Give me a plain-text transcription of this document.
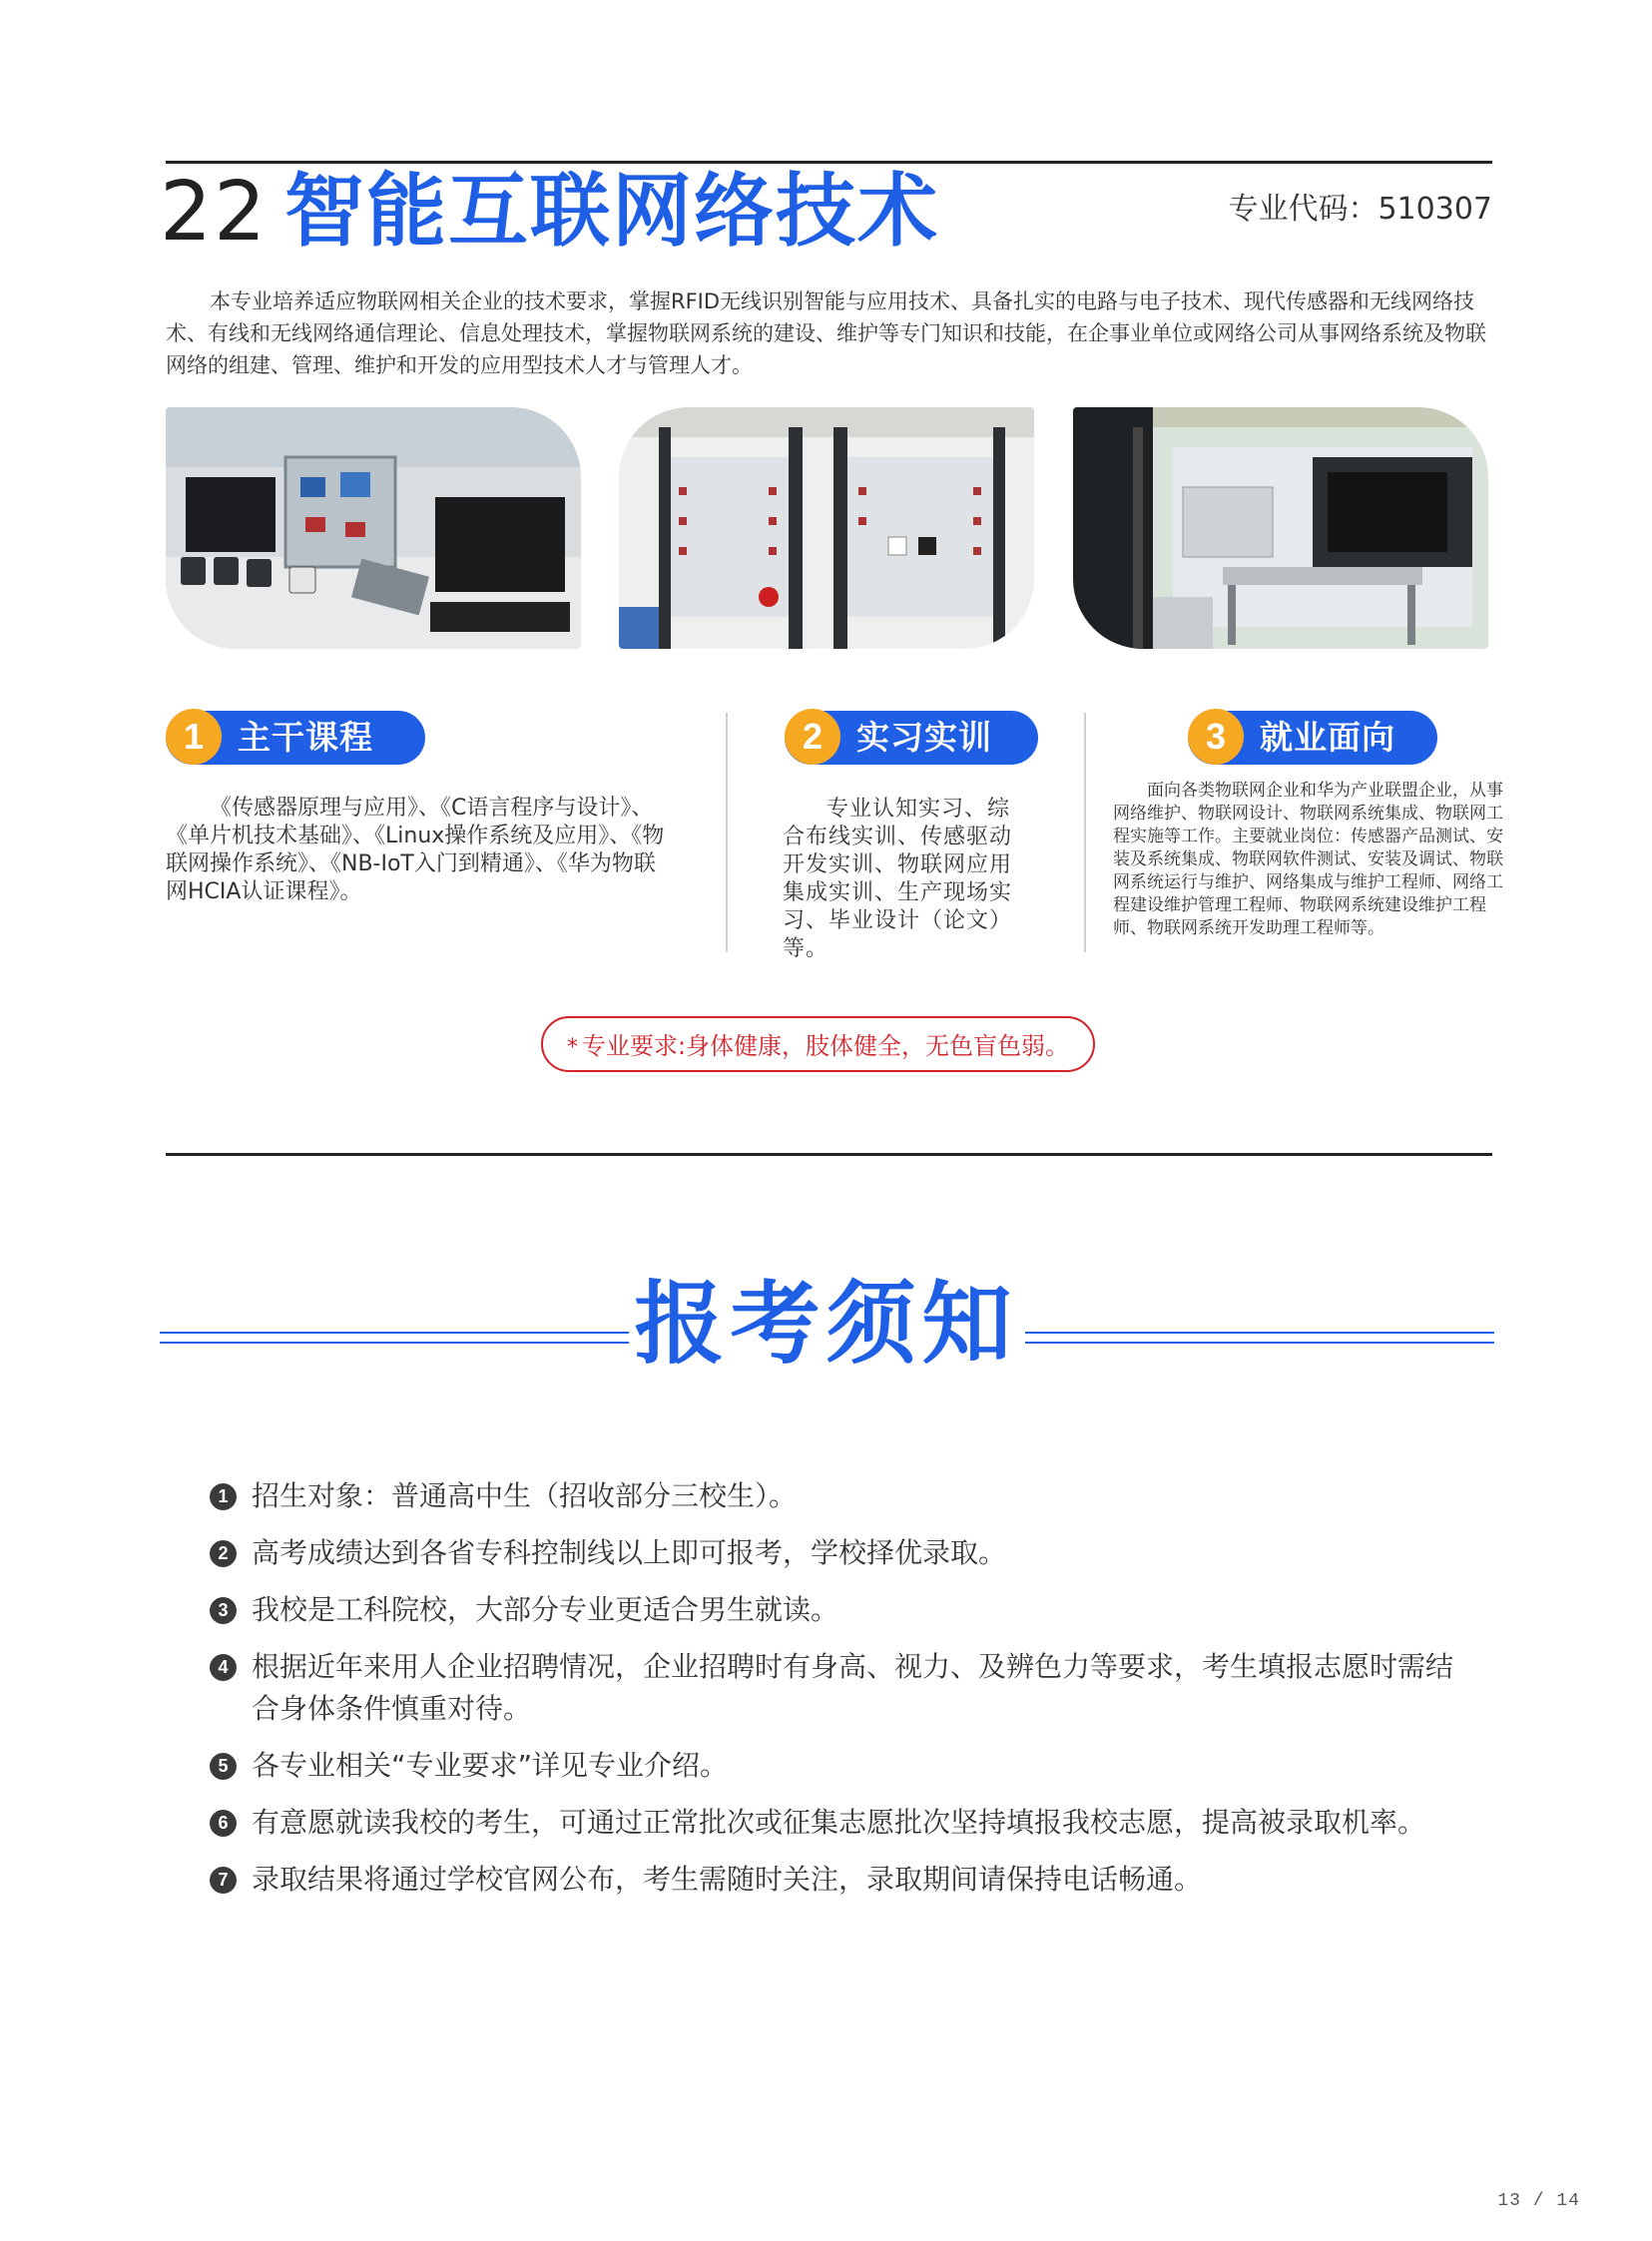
22 智能互联网络技术	专业代码：510307
本专业培养适应物联网相关企业的技术要求，掌握RFID无线识别智能与应用技术、具备扎实的电路与电子技术、现代传感器和无线网络技术、有线和无线网络通信理论、信息处理技术，掌握物联网系统的建设、维护等专门知识和技能，在企事业单位或网络公司从事网络系统及物联网络的组建、管理、维护和开发的应用型技术人才与管理人才。
1	主干课程	2	实习实训	3	就业面向
《传感器原理与应用》、《C语言程序与设计》、《单片机技术基础》、《Linux操作系统及应用》、《物联网操作系统》、《NB-IoT入门到精通》、《华为物联网HCIA认证课程》。
专业认知实习、综合布线实训、传感驱动开发实训、物联网应用集成实训、生产现场实习、毕业设计（论文）等。
面向各类物联网企业和华为产业联盟企业，从事网络维护、物联网设计、物联网系统集成、物联网工程实施等工作。主要就业岗位：传感器产品测试、安装及系统集成、物联网软件测试、安装及调试、物联网系统运行与维护、网络集成与维护工程师、网络工程建设维护管理工程师、物联网系统建设维护工程师、物联网系统开发助理工程师等。
* 专业要求:身体健康，肢体健全，无色盲色弱。
报考须知
1 招生对象：普通高中生（招收部分三校生）。
2 高考成绩达到各省专科控制线以上即可报考，学校择优录取。
3 我校是工科院校，大部分专业更适合男生就读。
4 根据近年来用人企业招聘情况，企业招聘时有身高、视力、及辨色力等要求，考生填报志愿时需结合身体条件慎重对待。
5 各专业相关“专业要求”详见专业介绍。
6 有意愿就读我校的考生，可通过正常批次或征集志愿批次坚持填报我校志愿，提高被录取机率。
7 录取结果将通过学校官网公布，考生需随时关注，录取期间请保持电话畅通。
13 / 14
